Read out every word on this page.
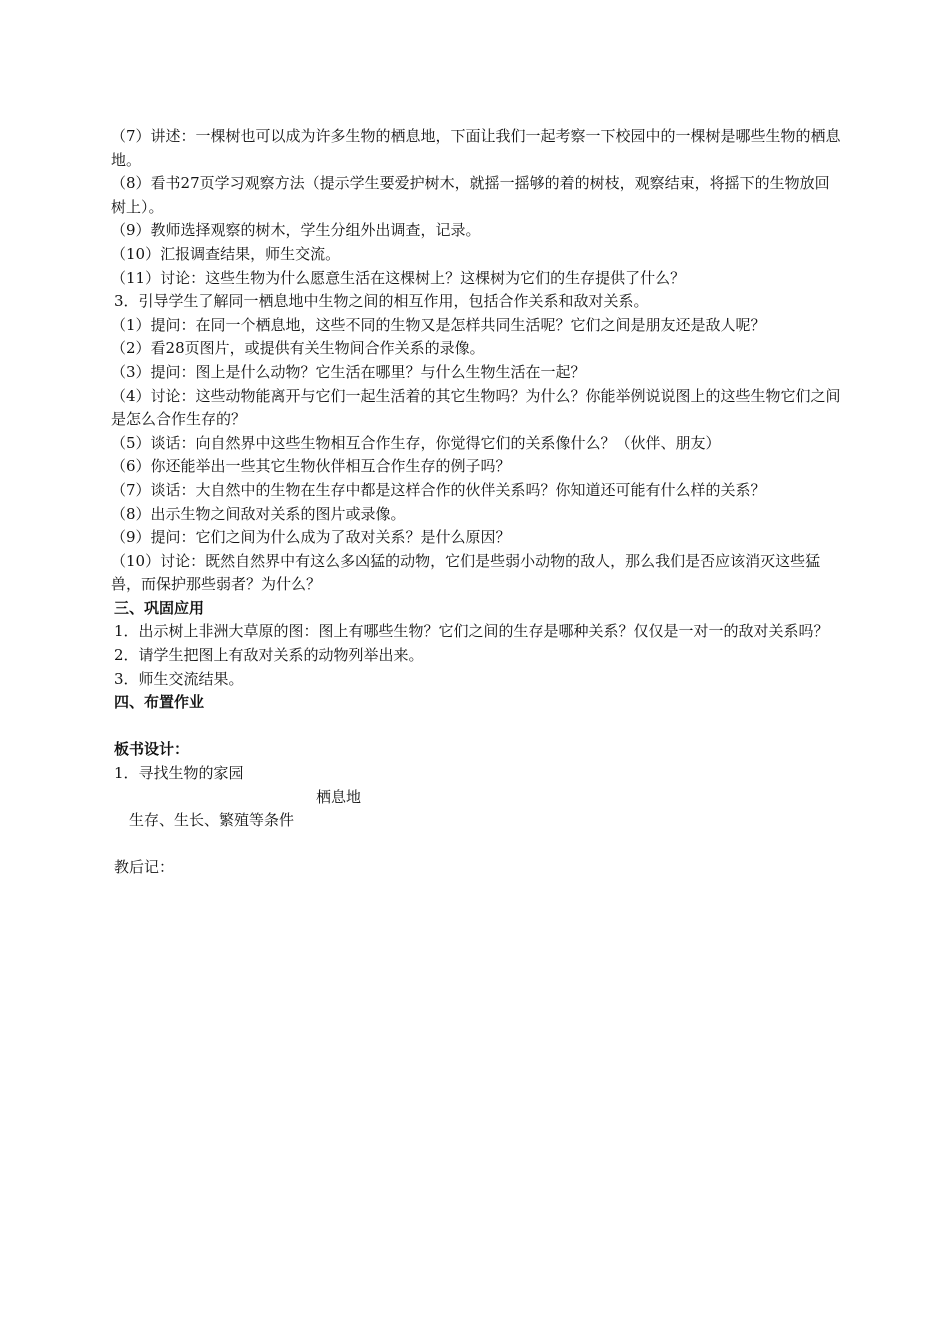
（7）讲述：一棵树也可以成为许多生物的栖息地，下面让我们一起考察一下校园中的一棵树是哪些生物的栖息地。

（8）看书27页学习观察方法（提示学生要爱护树木，就摇一摇够的着的树枝，观察结束，将摇下的生物放回树上）。

（9）教师选择观察的树木，学生分组外出调查，记录。

（10）汇报调查结果，师生交流。

（11）讨论：这些生物为什么愿意生活在这棵树上？这棵树为它们的生存提供了什么？

3．引导学生了解同一栖息地中生物之间的相互作用，包括合作关系和敌对关系。

（1）提问：在同一个栖息地，这些不同的生物又是怎样共同生活呢？它们之间是朋友还是敌人呢？

（2）看28页图片，或提供有关生物间合作关系的录像。

（3）提问：图上是什么动物？它生活在哪里？与什么生物生活在一起？

（4）讨论：这些动物能离开与它们一起生活着的其它生物吗？为什么？你能举例说说图上的这些生物它们之间是怎么合作生存的？

（5）谈话：向自然界中这些生物相互合作生存，你觉得它们的关系像什么？（伙伴、朋友）

（6）你还能举出一些其它生物伙伴相互合作生存的例子吗？

（7）谈话：大自然中的生物在生存中都是这样合作的伙伴关系吗？你知道还可能有什么样的关系？

（8）出示生物之间敌对关系的图片或录像。

（9）提问：它们之间为什么成为了敌对关系？是什么原因？

（10）讨论：既然自然界中有这么多凶猛的动物，它们是些弱小动物的敌人，那么我们是否应该消灭这些猛兽，而保护那些弱者？为什么？

三、巩固应用

1．出示树上非洲大草原的图：图上有哪些生物？它们之间的生存是哪种关系？仅仅是一对一的敌对关系吗？

2．请学生把图上有敌对关系的动物列举出来。

3．师生交流结果。

四、布置作业

板书设计：

1．寻找生物的家园

栖息地

生存、生长、繁殖等条件

教后记：
